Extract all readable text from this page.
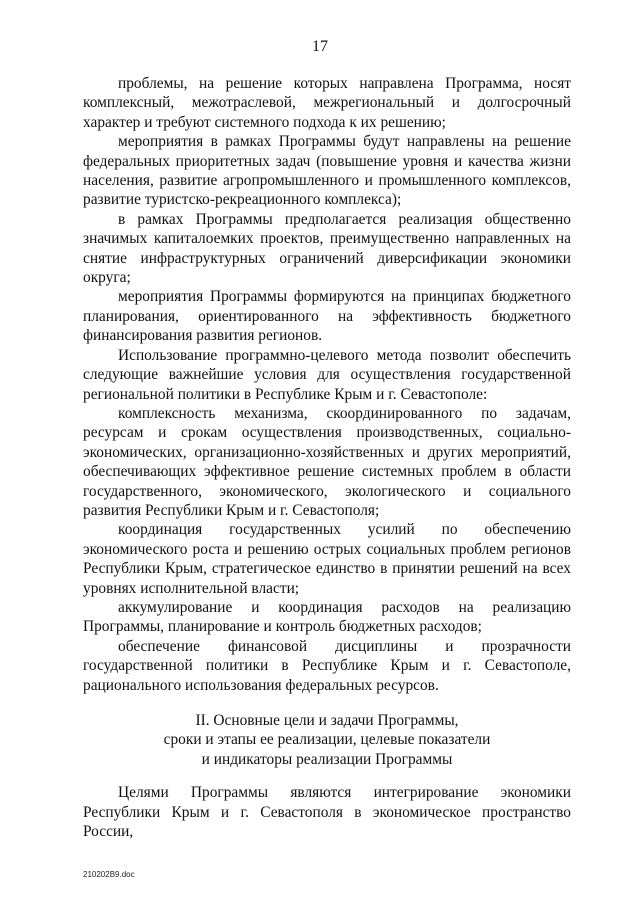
17

проблемы, на решение которых направлена Программа, носят комплексный, межотраслевой, межрегиональный и долгосрочный характер и требуют системного подхода к их решению;

мероприятия в рамках Программы будут направлены на решение федеральных приоритетных задач (повышение уровня и качества жизни населения, развитие агропромышленного и промышленного комплексов, развитие туристско-рекреационного комплекса);

в рамках Программы предполагается реализация общественно значимых капиталоемких проектов, преимущественно направленных на снятие инфраструктурных ограничений диверсификации экономики округа;

мероприятия Программы формируются на принципах бюджетного планирования, ориентированного на эффективность бюджетного финансирования развития регионов.

Использование программно-целевого метода позволит обеспечить следующие важнейшие условия для осуществления государственной региональной политики в Республике Крым и г. Севастополе:

комплексность механизма, скоординированного по задачам, ресурсам и срокам осуществления производственных, социально-экономических, организационно-хозяйственных и других мероприятий, обеспечивающих эффективное решение системных проблем в области государственного, экономического, экологического и социального развития Республики Крым и г. Севастополя;

координация государственных усилий по обеспечению экономического роста и решению острых социальных проблем регионов Республики Крым, стратегическое единство в принятии решений на всех уровнях исполнительной власти;

аккумулирование и координация расходов на реализацию Программы, планирование и контроль бюджетных расходов;

обеспечение финансовой дисциплины и прозрачности государственной политики в Республике Крым и г. Севастополе, рационального использования федеральных ресурсов.

II. Основные цели и задачи Программы,
сроки и этапы ее реализации, целевые показатели
и индикаторы реализации Программы

Целями Программы являются интегрирование экономики Республики Крым и г. Севастополя в экономическое пространство России,

210202B9.doc
